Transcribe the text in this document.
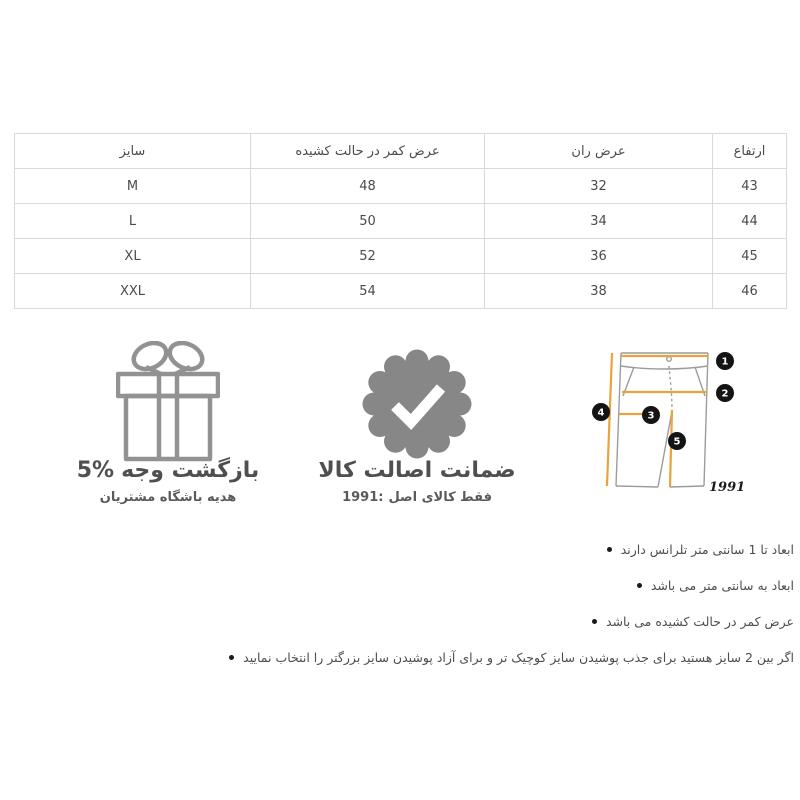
سایز	عرض کمر در حالت کشیده	عرض ران	ارتفاع
M	48	32	43
L	50	34	44
XL	52	36	45
XXL	54	38	46
بازگشت وجه
5%
هدیه باشگاه مشتریان
ضمانت اصالت کالا
فقط کالای اصل
1991:
1
2
3
4
5
1991
ابعاد تا 1 سانتی متر تلرانس دارند
ابعاد به سانتی متر می باشد
عرض کمر در حالت کشیده می باشد
اگر بین 2 سایز هستید برای جذب پوشیدن سایز کوچیک تر و برای آزاد پوشیدن سایز بزرگتر را انتخاب نمایید
